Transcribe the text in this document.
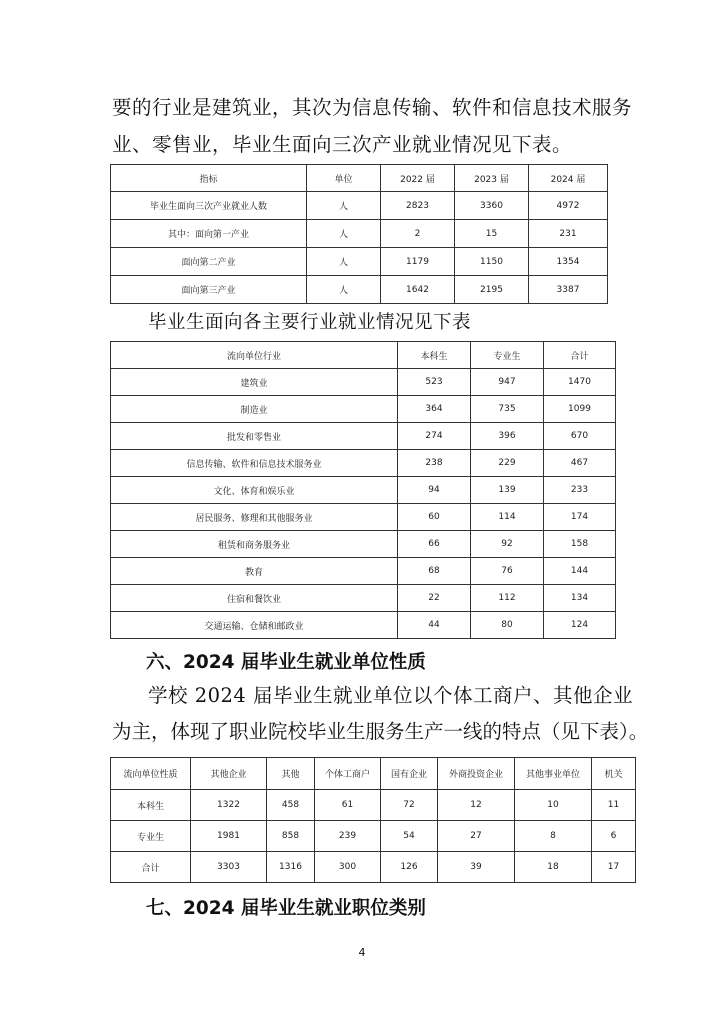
要的行业是建筑业，其次为信息传输、软件和信息技术服务
业、零售业，毕业生面向三次产业就业情况见下表。
指标	单位	2022 届	2023 届	2024 届
毕业生面向三次产业就业人数	人	2823	3360	4972
其中：面向第一产业	人	2	15	231
面向第二产业	人	1179	1150	1354
面向第三产业	人	1642	2195	3387
毕业生面向各主要行业就业情况见下表
流向单位行业	本科生	专业生	合计
建筑业	523	947	1470
制造业	364	735	1099
批发和零售业	274	396	670
信息传输、软件和信息技术服务业	238	229	467
文化、体育和娱乐业	94	139	233
居民服务、修理和其他服务业	60	114	174
租赁和商务服务业	66	92	158
教育	68	76	144
住宿和餐饮业	22	112	134
交通运输、仓储和邮政业	44	80	124
六、2024 届毕业生就业单位性质
学校 2024 届毕业生就业单位以个体工商户、其他企业
为主，体现了职业院校毕业生服务生产一线的特点（见下表）。
流向单位性质	其他企业	其他	个体工商户	国有企业	外商投资企业	其他事业单位	机关
本科生	1322	458	61	72	12	10	11
专业生	1981	858	239	54	27	8	6
合计	3303	1316	300	126	39	18	17
七、2024 届毕业生就业职位类别
4
